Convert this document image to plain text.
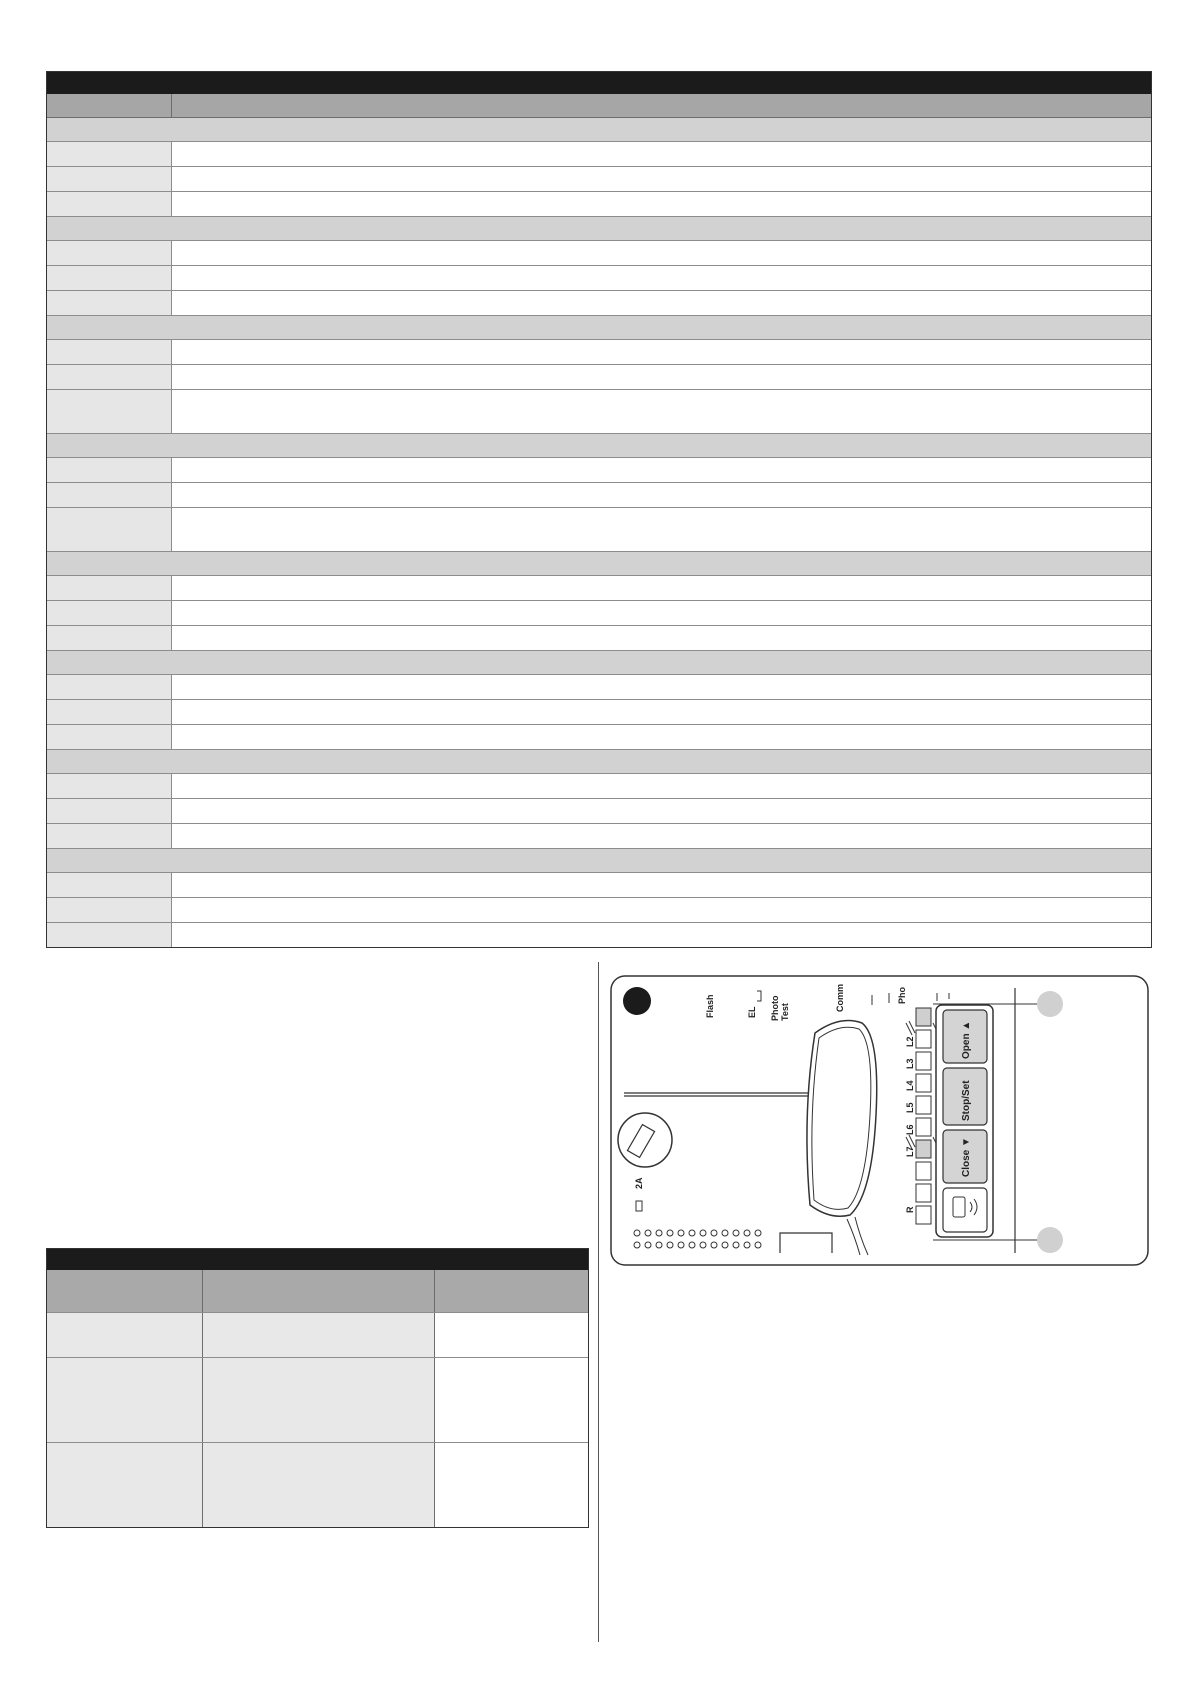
Flash	EL Photo Test
Comm	Pho
2A
L2
L3
L4
L5
L6
L7
R
Open ▲
Stop/Set
Close ▼
